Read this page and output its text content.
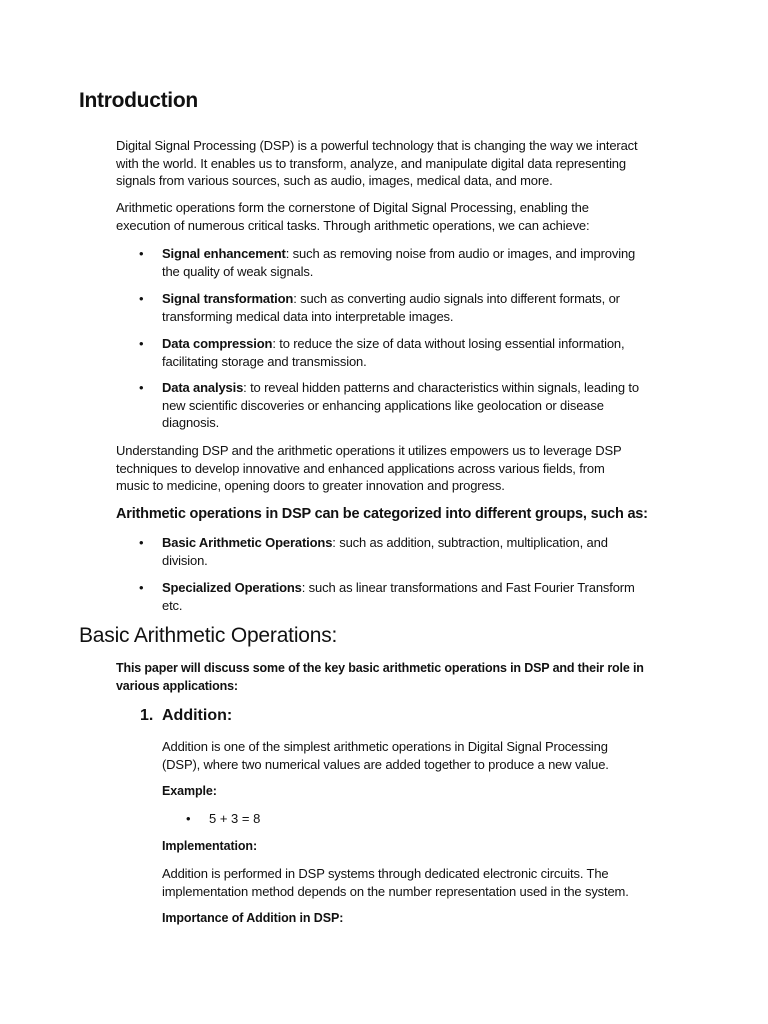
Introduction
Digital Signal Processing (DSP) is a powerful technology that is changing the way we interact
with the world. It enables us to transform, analyze, and manipulate digital data representing
signals from various sources, such as audio, images, medical data, and more.
Arithmetic operations form the cornerstone of Digital Signal Processing, enabling the
execution of numerous critical tasks. Through arithmetic operations, we can achieve:
• Signal enhancement: such as removing noise from audio or images, and improving
the quality of weak signals.
• Signal transformation: such as converting audio signals into different formats, or
transforming medical data into interpretable images.
• Data compression: to reduce the size of data without losing essential information,
facilitating storage and transmission.
• Data analysis: to reveal hidden patterns and characteristics within signals, leading to
new scientific discoveries or enhancing applications like geolocation or disease
diagnosis.
Understanding DSP and the arithmetic operations it utilizes empowers us to leverage DSP
techniques to develop innovative and enhanced applications across various fields, from
music to medicine, opening doors to greater innovation and progress.
Arithmetic operations in DSP can be categorized into different groups, such as:
• Basic Arithmetic Operations: such as addition, subtraction, multiplication, and
division.
• Specialized Operations: such as linear transformations and Fast Fourier Transform
etc.
Basic Arithmetic Operations:
This paper will discuss some of the key basic arithmetic operations in DSP and their role in
various applications:
1. Addition:
Addition is one of the simplest arithmetic operations in Digital Signal Processing
(DSP), where two numerical values are added together to produce a new value.
Example:
• 5 + 3 = 8
Implementation:
Addition is performed in DSP systems through dedicated electronic circuits. The
implementation method depends on the number representation used in the system.
Importance of Addition in DSP:
